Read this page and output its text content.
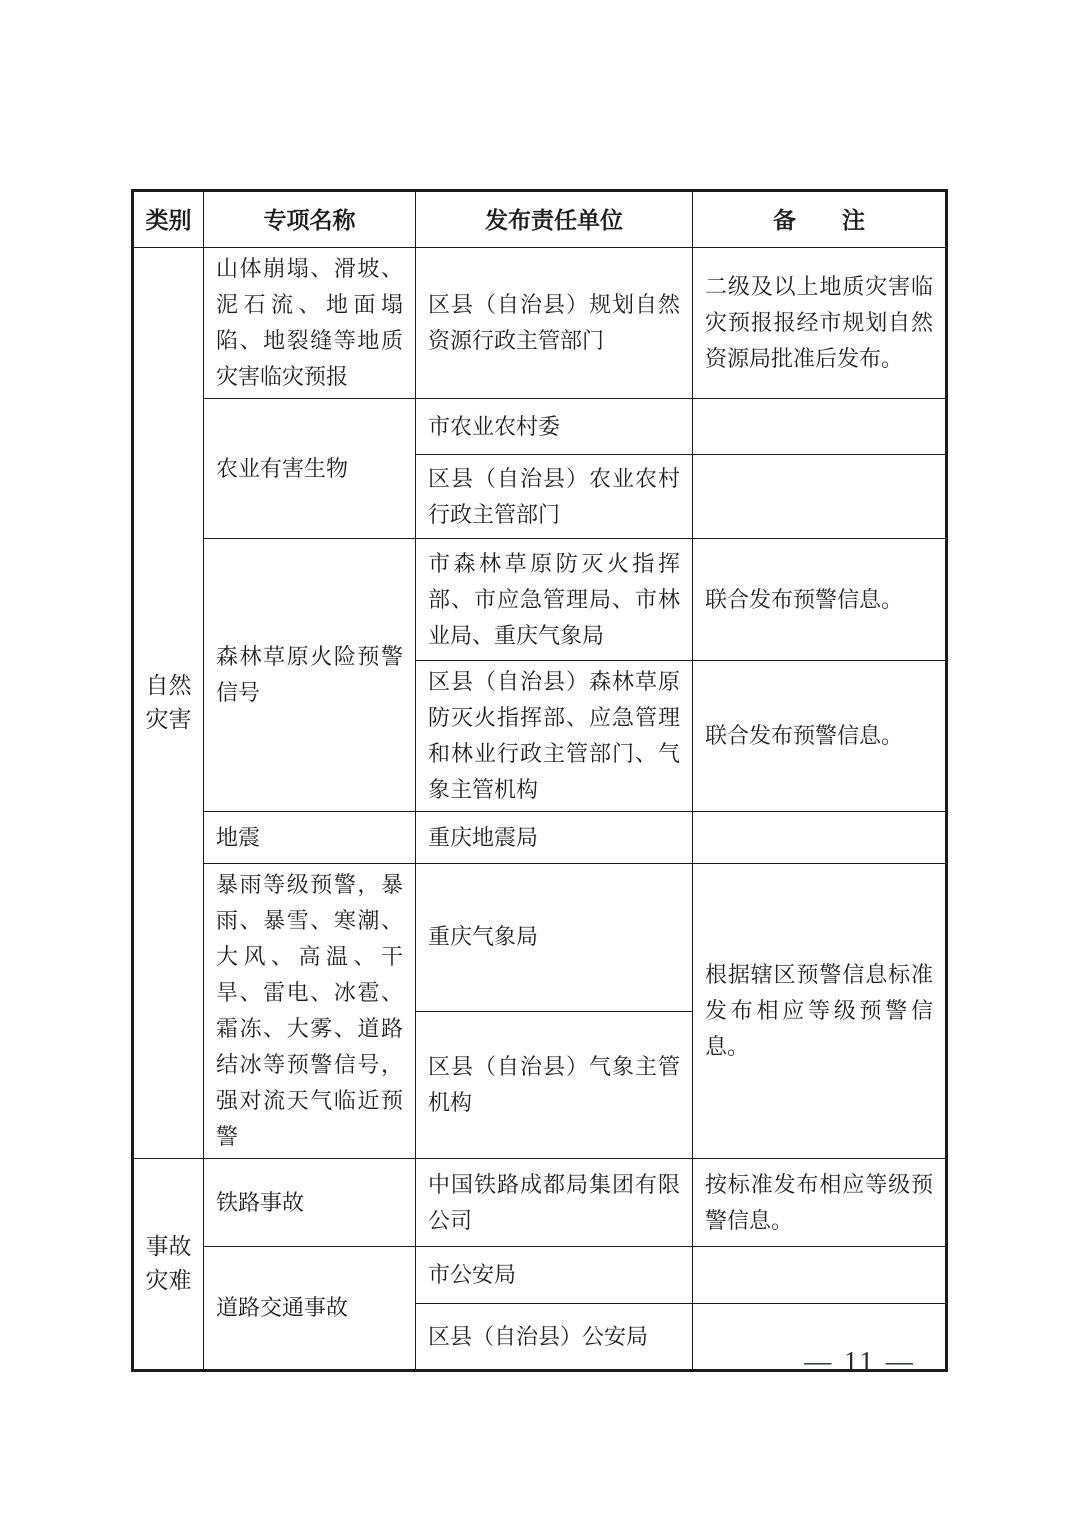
类别	专项名称	发布责任单位	备　　注
自然灾害	山体崩塌、滑坡、泥石流、地面塌陷、地裂缝等地质灾害临灾预报	区县（自治县）规划自然资源行政主管部门	二级及以上地质灾害临灾预报报经市规划自然资源局批准后发布。
	农业有害生物	市农业农村委	
		区县（自治县）农业农村行政主管部门	
	森林草原火险预警信号	市森林草原防灭火指挥部、市应急管理局、市林业局、重庆气象局	联合发布预警信息。
		区县（自治县）森林草原防灭火指挥部、应急管理和林业行政主管部门、气象主管机构	联合发布预警信息。
	地震	重庆地震局	
	暴雨等级预警，暴雨、暴雪、寒潮、大风、高温、干旱、雷电、冰雹、霜冻、大雾、道路结冰等预警信号，强对流天气临近预警	重庆气象局	根据辖区预警信息标准发布相应等级预警信息。
		区县（自治县）气象主管机构	
事故灾难	铁路事故	中国铁路成都局集团有限公司	按标准发布相应等级预警信息。
	道路交通事故	市公安局	
		区县（自治县）公安局	
— 11 —
